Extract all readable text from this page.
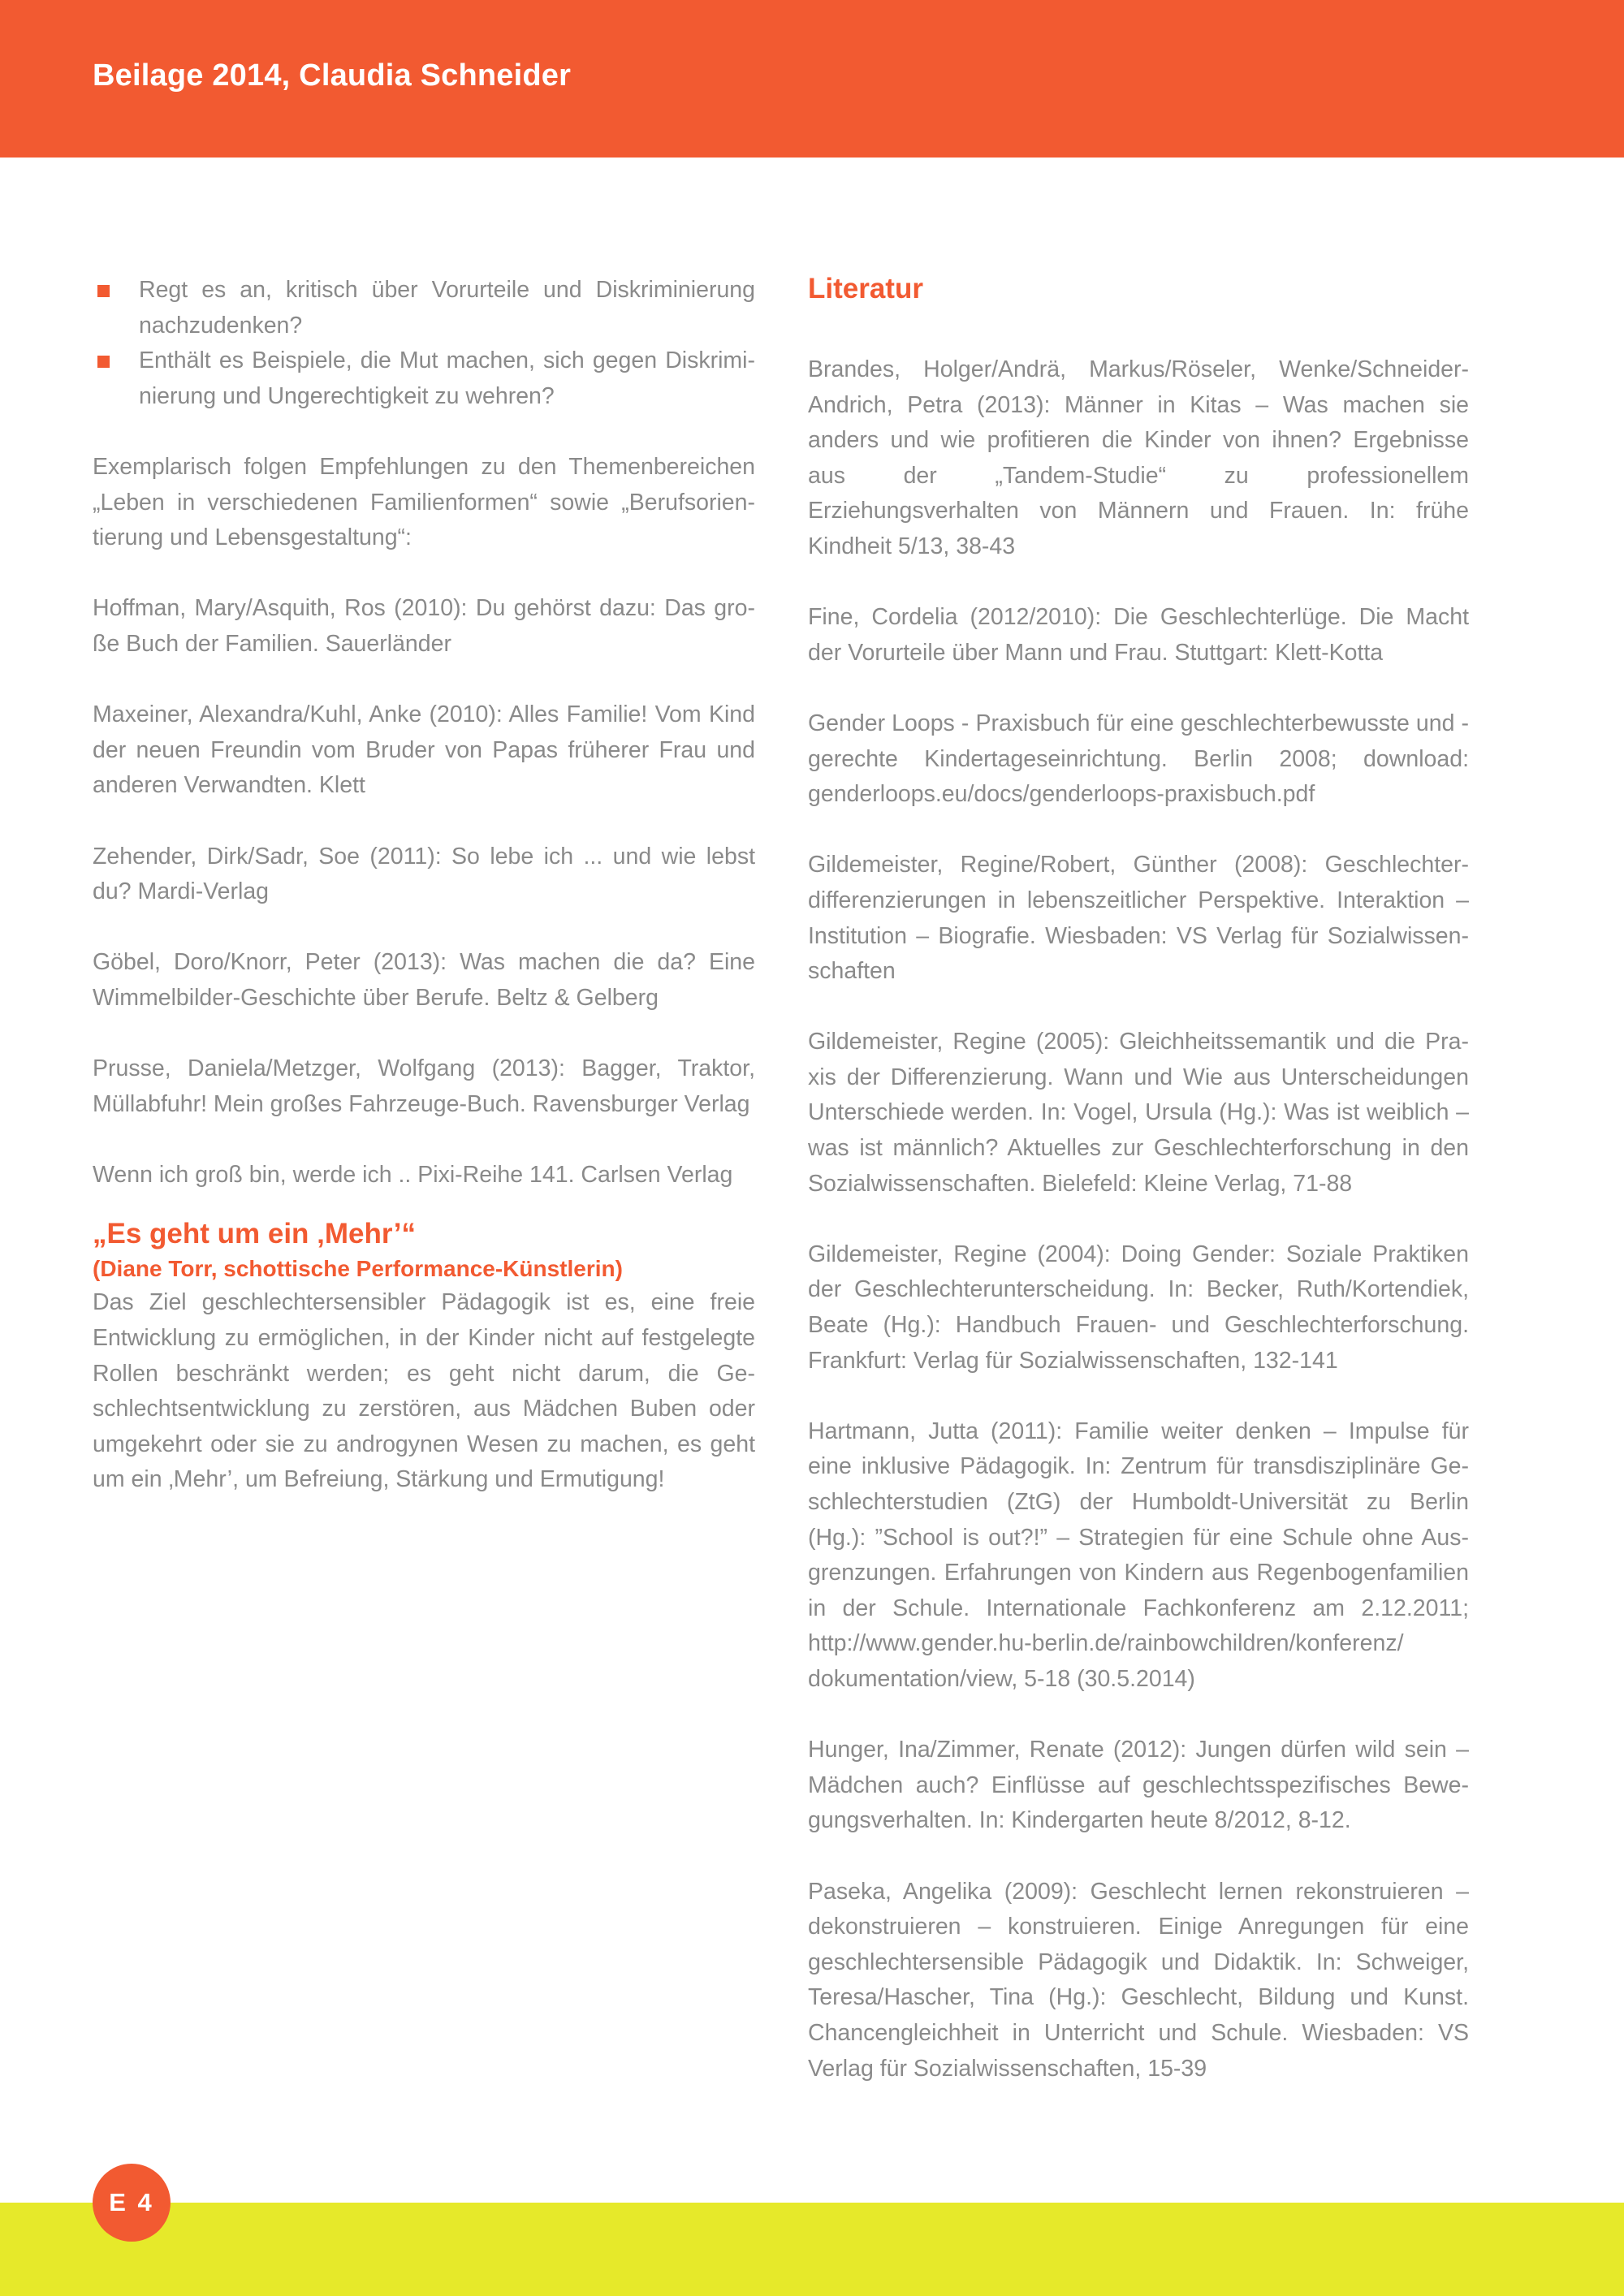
Beilage 2014, Claudia Schneider
Regt es an, kritisch über Vorurteile und Diskriminierung nachzudenken?
Enthält es Beispiele, die Mut machen, sich gegen Diskriminierung und Ungerechtigkeit zu wehren?

Exemplarisch folgen Empfehlungen zu den Themenbereichen „Leben in verschiedenen Familienformen“ sowie „Berufsorientierung und Lebensgestaltung“:

Hoffman, Mary/Asquith, Ros (2010): Du gehörst dazu: Das große Buch der Familien. Sauerländer

Maxeiner, Alexandra/Kuhl, Anke (2010): Alles Familie! Vom Kind der neuen Freundin vom Bruder von Papas früherer Frau und anderen Verwandten. Klett

Zehender, Dirk/Sadr, Soe (2011): So lebe ich ... und wie lebst du? Mardi-Verlag

Göbel, Doro/Knorr, Peter (2013): Was machen die da? Eine Wimmelbilder-Geschichte über Berufe. Beltz & Gelberg

Prusse, Daniela/Metzger, Wolfgang (2013): Bagger, Traktor, Müllabfuhr! Mein großes Fahrzeuge-Buch. Ravensburger Verlag

Wenn ich groß bin, werde ich .. Pixi-Reihe 141. Carlsen Verlag

„Es geht um ein ‚Mehr’“

(Diane Torr, schottische Performance-Künstlerin)

Das Ziel geschlechtersensibler Pädagogik ist es, eine freie Entwicklung zu ermöglichen, in der Kinder nicht auf festgelegte Rollen beschränkt werden; es geht nicht darum, die Geschlechtsentwicklung zu zerstören, aus Mädchen Buben oder umgekehrt oder sie zu androgynen Wesen zu machen, es geht um ein ‚Mehr’, um Befreiung, Stärkung und Ermutigung!

Literatur

Brandes, Holger/Andrä, Markus/Röseler, Wenke/Schneider-Andrich, Petra (2013): Männer in Kitas – Was machen sie anders und wie profitieren die Kinder von ihnen? Ergebnisse aus der „Tandem-Studie“ zu professionellem Erziehungsverhalten von Männern und Frauen. In: frühe Kindheit 5/13, 38-43

Fine, Cordelia (2012/2010): Die Geschlechterlüge. Die Macht der Vorurteile über Mann und Frau. Stuttgart: Klett-Kotta

Gender Loops - Praxisbuch für eine geschlechterbewusste und -gerechte Kindertageseinrichtung. Berlin 2008; download: genderloops.eu/docs/genderloops-praxisbuch.pdf

Gildemeister, Regine/Robert, Günther (2008): Geschlechterdifferenzierungen in lebenszeitlicher Perspektive. Interaktion – Institution – Biografie. Wiesbaden: VS Verlag für Sozialwissenschaften

Gildemeister, Regine (2005): Gleichheitssemantik und die Praxis der Differenzierung. Wann und Wie aus Unterscheidungen Unterschiede werden. In: Vogel, Ursula (Hg.): Was ist weiblich – was ist männlich? Aktuelles zur Geschlechterforschung in den Sozialwissenschaften. Bielefeld: Kleine Verlag, 71-88

Gildemeister, Regine (2004): Doing Gender: Soziale Praktiken der Geschlechterunterscheidung. In: Becker, Ruth/Kortendiek, Beate (Hg.): Handbuch Frauen- und Geschlechterforschung. Frankfurt: Verlag für Sozialwissenschaften, 132-141

Hartmann, Jutta (2011): Familie weiter denken – Impulse für eine inklusive Pädagogik. In: Zentrum für transdisziplinäre Geschlechterstudien (ZtG) der Humboldt-Universität zu Berlin (Hg.): ”School is out?!” – Strategien für eine Schule ohne Ausgrenzungen. Erfahrungen von Kindern aus Regenbogenfamilien in der Schule. Internationale Fachkonferenz am 2.12.2011; http://www.gender.hu-berlin.de/rainbowchildren/konferenz/ dokumentation/view, 5-18 (30.5.2014)

Hunger, Ina/Zimmer, Renate (2012): Jungen dürfen wild sein – Mädchen auch? Einflüsse auf geschlechtsspezifisches Bewegungsverhalten. In: Kindergarten heute 8/2012, 8-12.

Paseka, Angelika (2009): Geschlecht lernen rekonstruieren – dekonstruieren – konstruieren. Einige Anregungen für eine geschlechtersensible Pädagogik und Didaktik. In: Schweiger, Teresa/Hascher, Tina (Hg.): Geschlecht, Bildung und Kunst. Chancengleichheit in Unterricht und Schule. Wiesbaden: VS Verlag für Sozialwissenschaften, 15-39

E 4
